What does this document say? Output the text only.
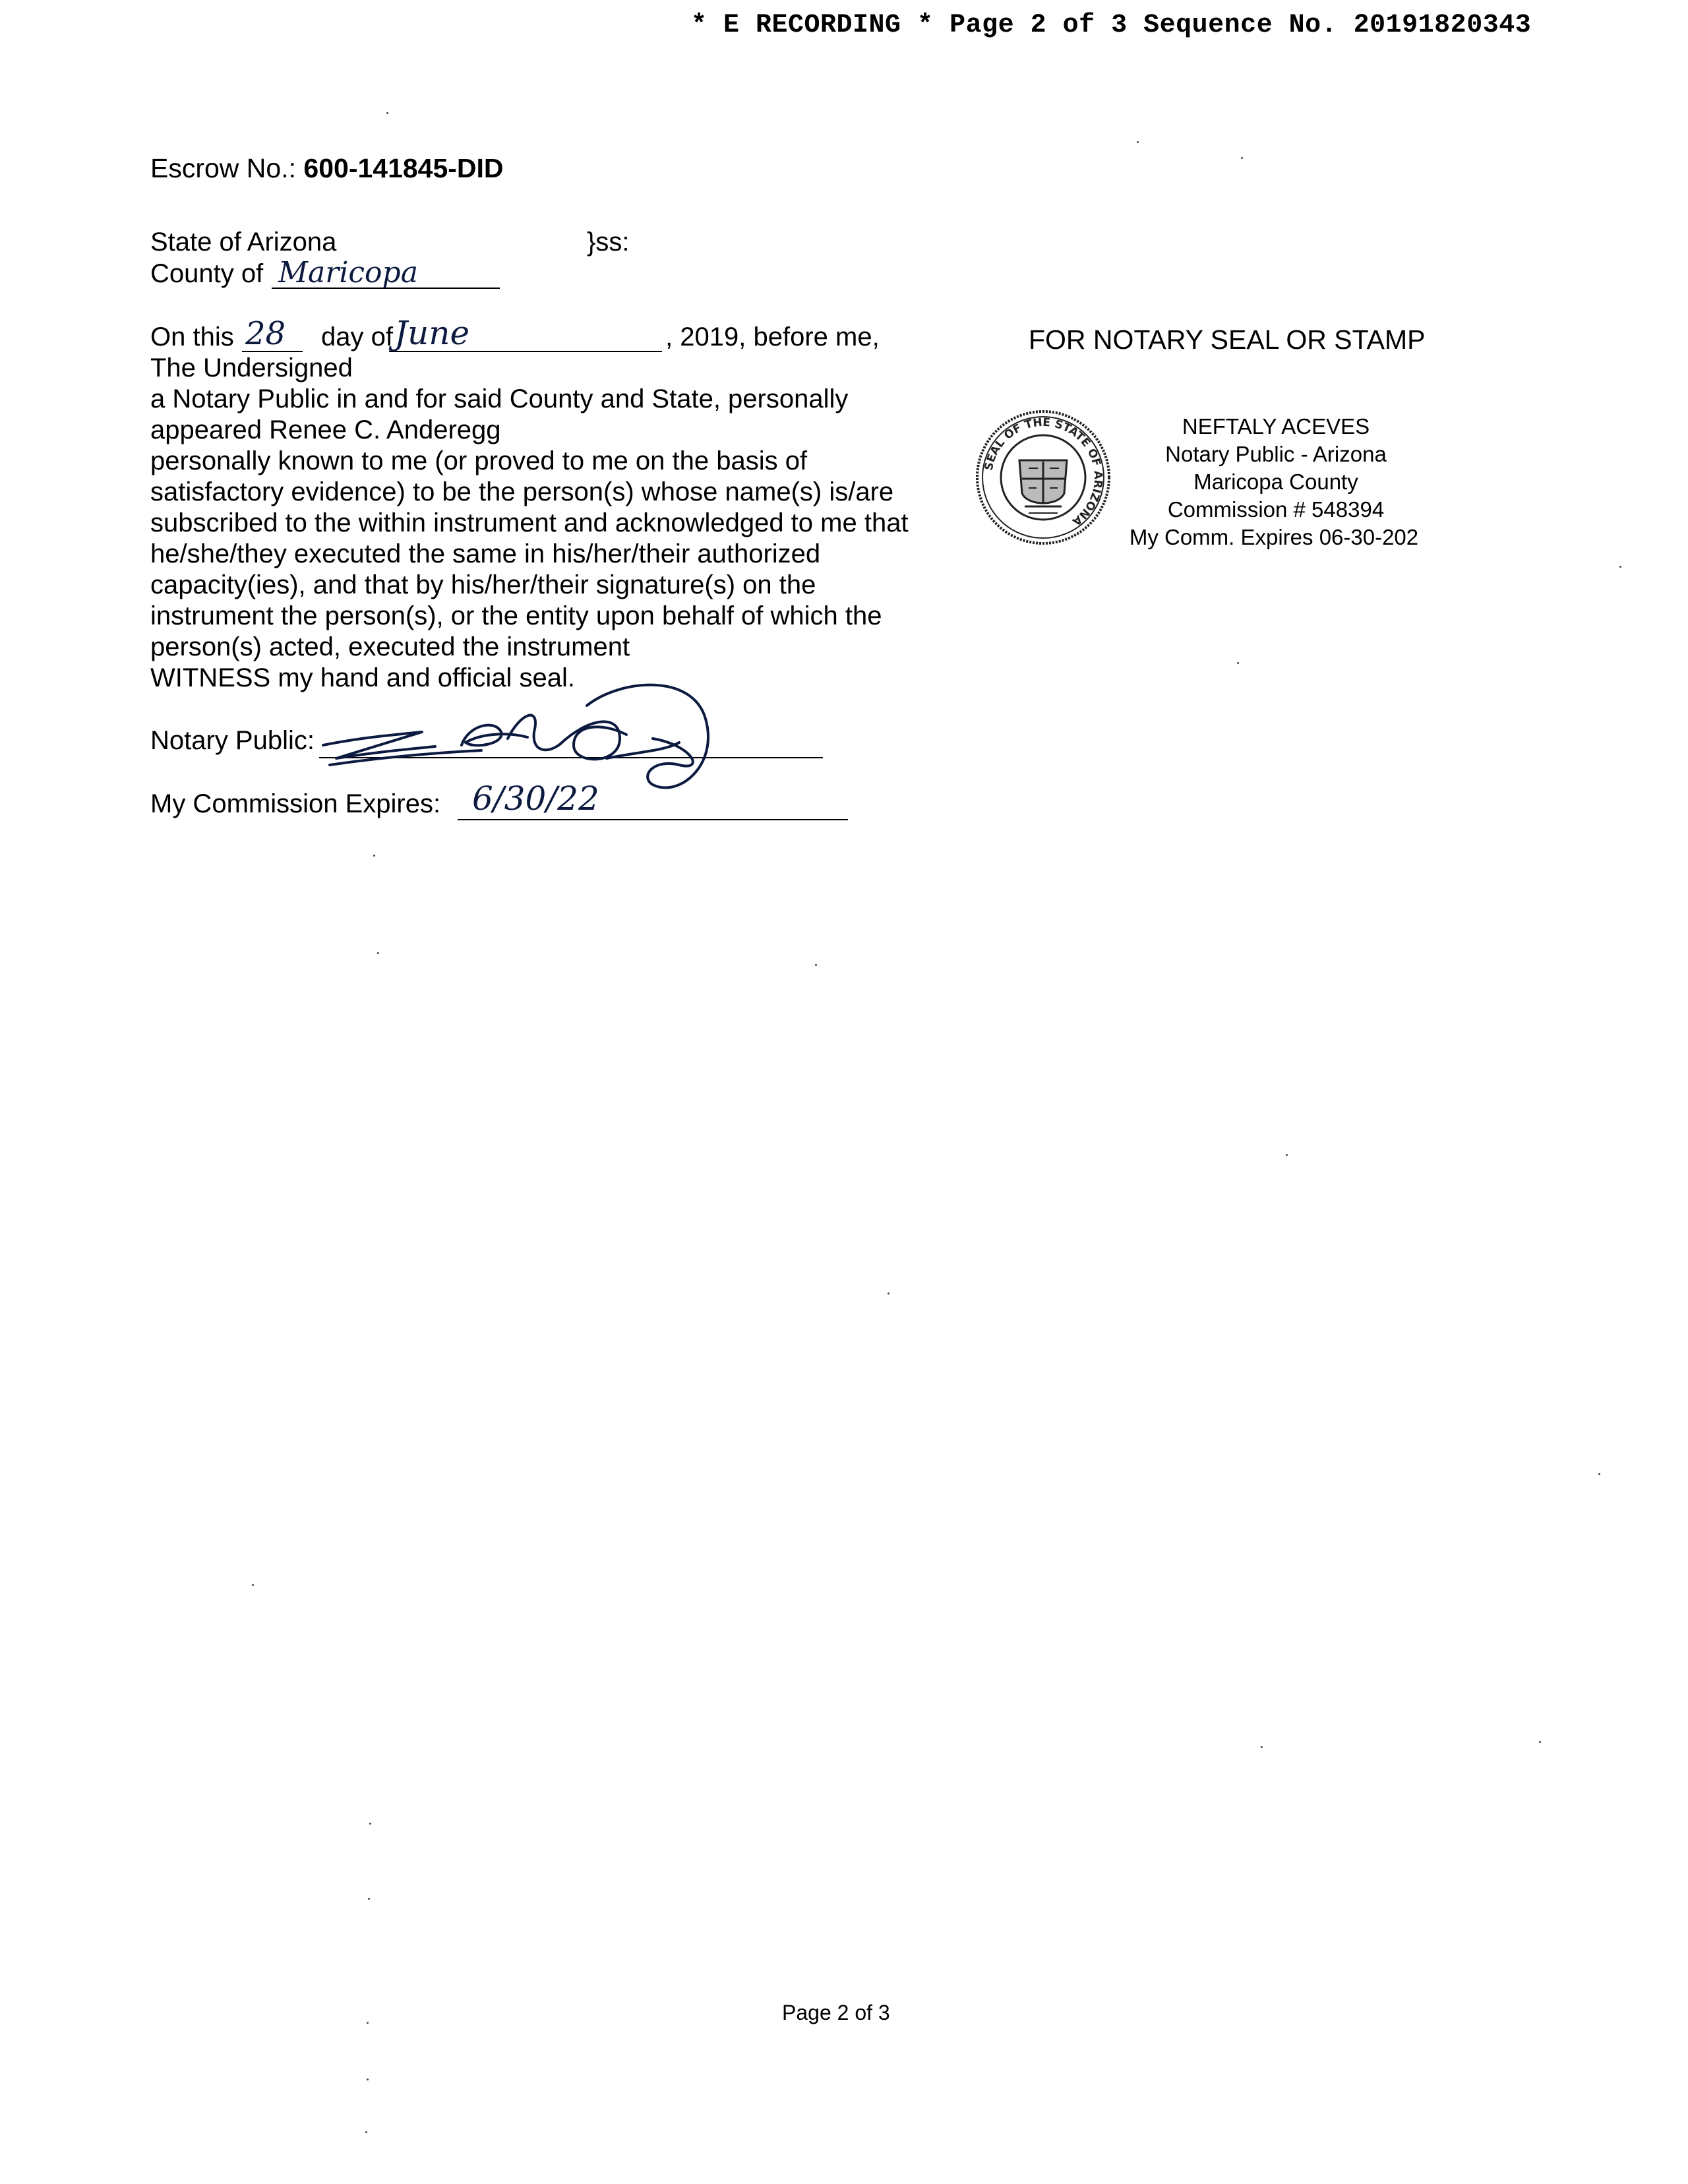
* E RECORDING * Page 2 of 3 Sequence No. 20191820343
Escrow No.: 600-141845-DID
State of Arizona	}ss:
County of Maricopa
On this	day of	, 2019, before me,
The Undersigned
a Notary Public in and for said County and State, personally
appeared Renee C. Anderegg
personally known to me (or proved to me on the basis of
satisfactory evidence) to be the person(s) whose name(s) is/are
subscribed to the within instrument and acknowledged to me that
he/she/they executed the same in his/her/their authorized
capacity(ies), and that by his/her/their signature(s) on the
instrument the person(s), or the entity upon behalf of which the
person(s) acted, executed the instrument
WITNESS my hand and official seal.
28	June
Notary Public:
My Commission Expires: 6/30/22
FOR NOTARY SEAL OR STAMP
SEAL OF THE STATE OF ARIZONA
NEFTALY ACEVES
Notary Public - Arizona
Maricopa County
Commission # 548394
My Comm. Expires 06-30-202
Page 2 of 3
